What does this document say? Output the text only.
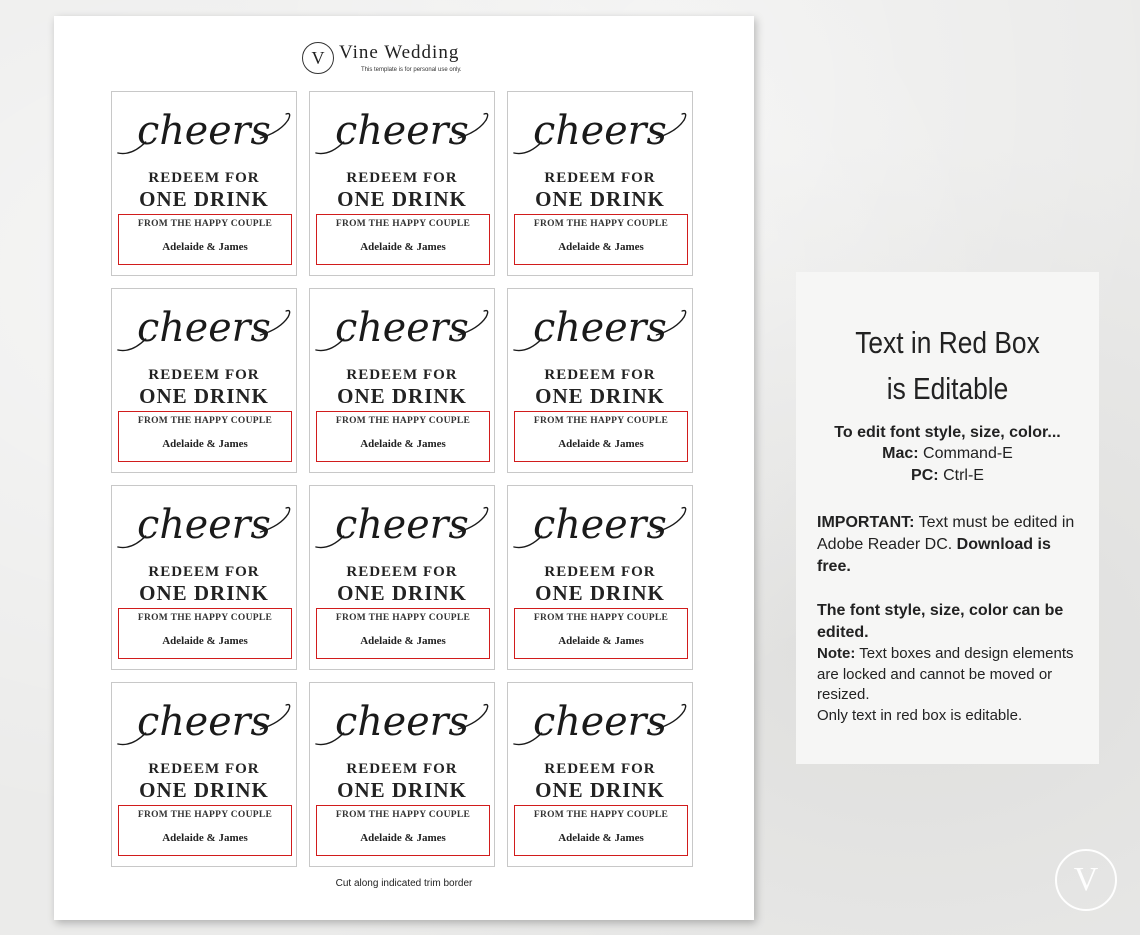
V Vine Wedding
This template is for personal use only.
cheers
REDEEM FOR
ONE DRINK
FROM THE HAPPY COUPLE
Adelaide & James
cheers
REDEEM FOR
ONE DRINK
FROM THE HAPPY COUPLE
Adelaide & James
cheers
REDEEM FOR
ONE DRINK
FROM THE HAPPY COUPLE
Adelaide & James
cheers
REDEEM FOR
ONE DRINK
FROM THE HAPPY COUPLE
Adelaide & James
cheers
REDEEM FOR
ONE DRINK
FROM THE HAPPY COUPLE
Adelaide & James
cheers
REDEEM FOR
ONE DRINK
FROM THE HAPPY COUPLE
Adelaide & James
cheers
REDEEM FOR
ONE DRINK
FROM THE HAPPY COUPLE
Adelaide & James
cheers
REDEEM FOR
ONE DRINK
FROM THE HAPPY COUPLE
Adelaide & James
cheers
REDEEM FOR
ONE DRINK
FROM THE HAPPY COUPLE
Adelaide & James
cheers
REDEEM FOR
ONE DRINK
FROM THE HAPPY COUPLE
Adelaide & James
cheers
REDEEM FOR
ONE DRINK
FROM THE HAPPY COUPLE
Adelaide & James
cheers
REDEEM FOR
ONE DRINK
FROM THE HAPPY COUPLE
Adelaide & James
Cut along indicated trim border
Text in Red Box
is Editable
To edit font style, size, color...
Mac: Command-E
PC: Ctrl-E
IMPORTANT: Text must be edited in Adobe Reader DC. Download is free.
The font style, size, color can be edited.
Note: Text boxes and design elements are locked and cannot be moved or resized.
Only text in red box is editable.
V
